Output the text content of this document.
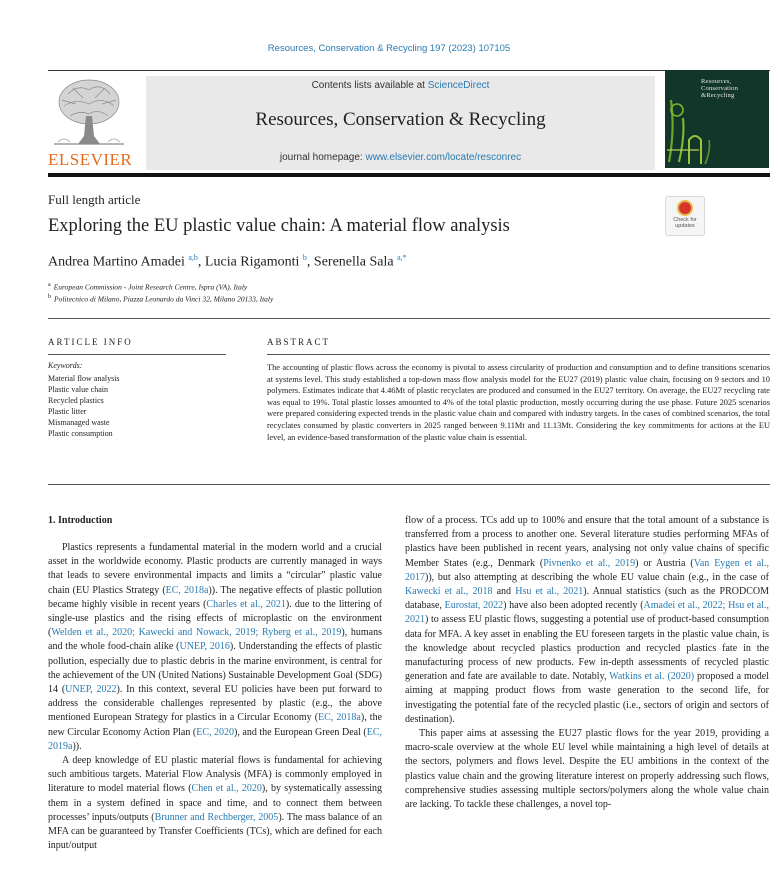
Resources, Conservation & Recycling 197 (2023) 107105
ELSEVIER
Contents lists available at ScienceDirect
Resources, Conservation & Recycling
journal homepage: www.elsevier.com/locate/resconrec
Resources,
Conservation
&Recycling
Full length article
Exploring the EU plastic value chain: A material flow analysis	Check for
updates
Andrea Martino Amadei $^{a,b}$, Lucia Rigamonti $^b$, Serenella Sala $^{a,*}$
$^a$ European Commission - Joint Research Centre, Ispra (VA), Italy
$^b$ Politecnico di Milano, Piazza Leonardo da Vinci 32, Milano 20133, Italy
ARTICLE INFO	ABSTRACT
Keywords:
Material flow analysis
Plastic value chain
Recycled plastics
Plastic litter
Mismanaged waste
Plastic consumption
The accounting of plastic flows across the economy is pivotal to assess circularity of production and consumption and to define transitions scenarios at systems level. This study established a top-down mass flow analysis model for the EU27 (2019) plastic value chain, focusing on 9 sectors and 10 polymers. Estimates indicate that 4.46Mt of plastic recyclates are produced and consumed in the EU27 territory. On average, the EU27 recycling rate was equal to 19%. Total plastic losses amounted to 4% of the total plastic production, mostly occurring during the use phase. Future 2025 scenarios were prepared considering expected trends in the plastic value chain and compared with industry targets. In the cases of combined scenarios, the total recyclates consumed by plastic converters in 2025 ranged between 9.11Mt and 11.13Mt. Considering the key commitments for actions at the EU level, an evidence-based transformation of the plastic value chain is essential.
1. Introduction

Plastics represents a fundamental material in the modern world and a crucial asset in the worldwide economy. Plastic products are currently managed in ways that leads to severe environmental impacts and limits a “circular” plastic value chain (EU Plastics Strategy (EC, 2018a)). The negative effects of plastic pollution became highly visible in recent years (Charles et al., 2021). due to the littering of single-use plastics and the rising effects of microplastic on the environment (Welden et al., 2020; Kawecki and Nowack, 2019; Ryberg et al., 2019), humans and the whole food-chain alike (UNEP, 2016). Understanding the effects of plastic pollution, especially due to plastic debris in the marine environment, is central for the achievement of the UN (United Nations) Sustainable Development Goal (SDG) 14 (UNEP, 2022). In this context, several EU policies have been put forward to address the considerable challenges represented by plastic (e.g., the above mentioned European Strategy for plastics in a Circular Economy (EC, 2018a), the new Circular Economy Action Plan (EC, 2020), and the European Green Deal (EC, 2019a)).

A deep knowledge of EU plastic material flows is fundamental for achieving such ambitious targets. Material Flow Analysis (MFA) is commonly employed in literature to model material flows (Chen et al., 2020), by systematically assessing them in a system defined in space and time, and to connect them between processes’ inputs/outputs (Brunner and Rechberger, 2005). The mass balance of an MFA can be guaranteed by Transfer Coefficients (TCs), which are defined for each input/output

flow of a process. TCs add up to 100% and ensure that the total amount of a substance is transferred from a process to another one. Several literature studies performing MFAs of plastics have been published in recent years, analysing not only value chains of specific Member States (e.g., Denmark (Pivnenko et al., 2019) or Austria (Van Eygen et al., 2017)), but also attempting at describing the whole EU value chain (e.g., in the case of Kawecki et al., 2018 and Hsu et al., 2021). Annual statistics (such as the PRODCOM database, Eurostat, 2022) have also been adopted recently (Amadei et al., 2022; Hsu et al., 2021) to assess EU plastic flows, suggesting a potential use of product-based consumption data for MFA. A key asset in enabling the EU foreseen targets in the plastic value chain, is the knowledge about recycled plastics production and recycled plastics fate in the manufacturing process of new products. Few in-depth assessments of recycled plastic generation and fate are available to date. Notably, Watkins et al. (2020) proposed a model aiming at mapping product flows from waste generation to the second life, for investigating the potential fate of the recycled plastic (i.e., sectors of origin and sectors of destination).

This paper aims at assessing the EU27 plastic flows for the year 2019, providing a macro-scale overview at the whole EU level while maintaining a high level of details at the sectors, polymers and flows level. Despite the EU ambitions in the context of the plastics value chain and the growing literature interest on properly addressing such flows, comprehensive studies assessing multiple sectors/polymers along the whole value chain are lacking. To tackle these challenges, a novel top-
